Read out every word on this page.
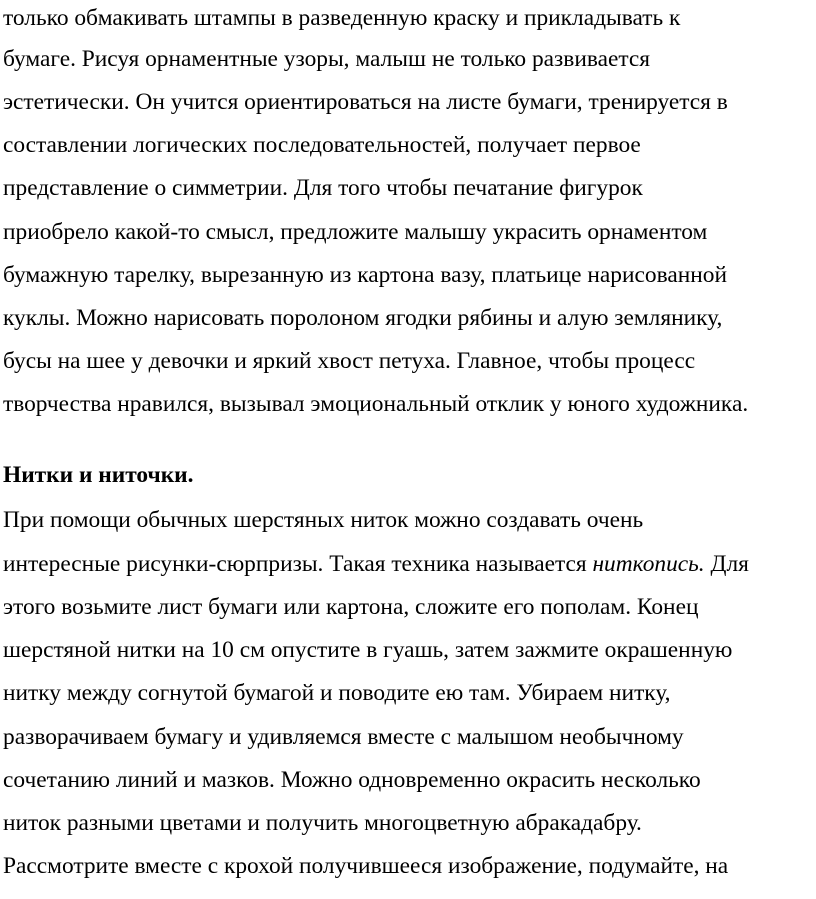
только обмакивать штампы в разведенную краску и прикладывать к
бумаге. Рисуя орнаментные узоры, малыш не только развивается
эстетически. Он учится ориентироваться на листе бумаги, тренируется в
составлении логических последовательностей, получает первое
представление о симметрии. Для того чтобы печатание фигурок
приобрело какой-то смысл, предложите малышу украсить орнаментом
бумажную тарелку, вырезанную из картона вазу, платьице нарисованной
куклы. Можно нарисовать поролоном ягодки рябины и алую землянику,
бусы на шее у девочки и яркий хвост петуха. Главное, чтобы процесс
творчества нравился, вызывал эмоциональный отклик у юного художника.
Нитки и ниточки.
При помощи обычных шерстяных ниток можно создавать очень
интересные рисунки-сюрпризы. Такая техника называется ниткопись. Для
этого возьмите лист бумаги или картона, сложите его пополам. Конец
шерстяной нитки на 10 см опустите в гуашь, затем зажмите окрашенную
нитку между согнутой бумагой и поводите ею там. Убираем нитку,
разворачиваем бумагу и удивляемся вместе с малышом необычному
сочетанию линий и мазков. Можно одновременно окрасить несколько
ниток разными цветами и получить многоцветную абракадабру.
Рассмотрите вместе с крохой получившееся изображение, подумайте, на
